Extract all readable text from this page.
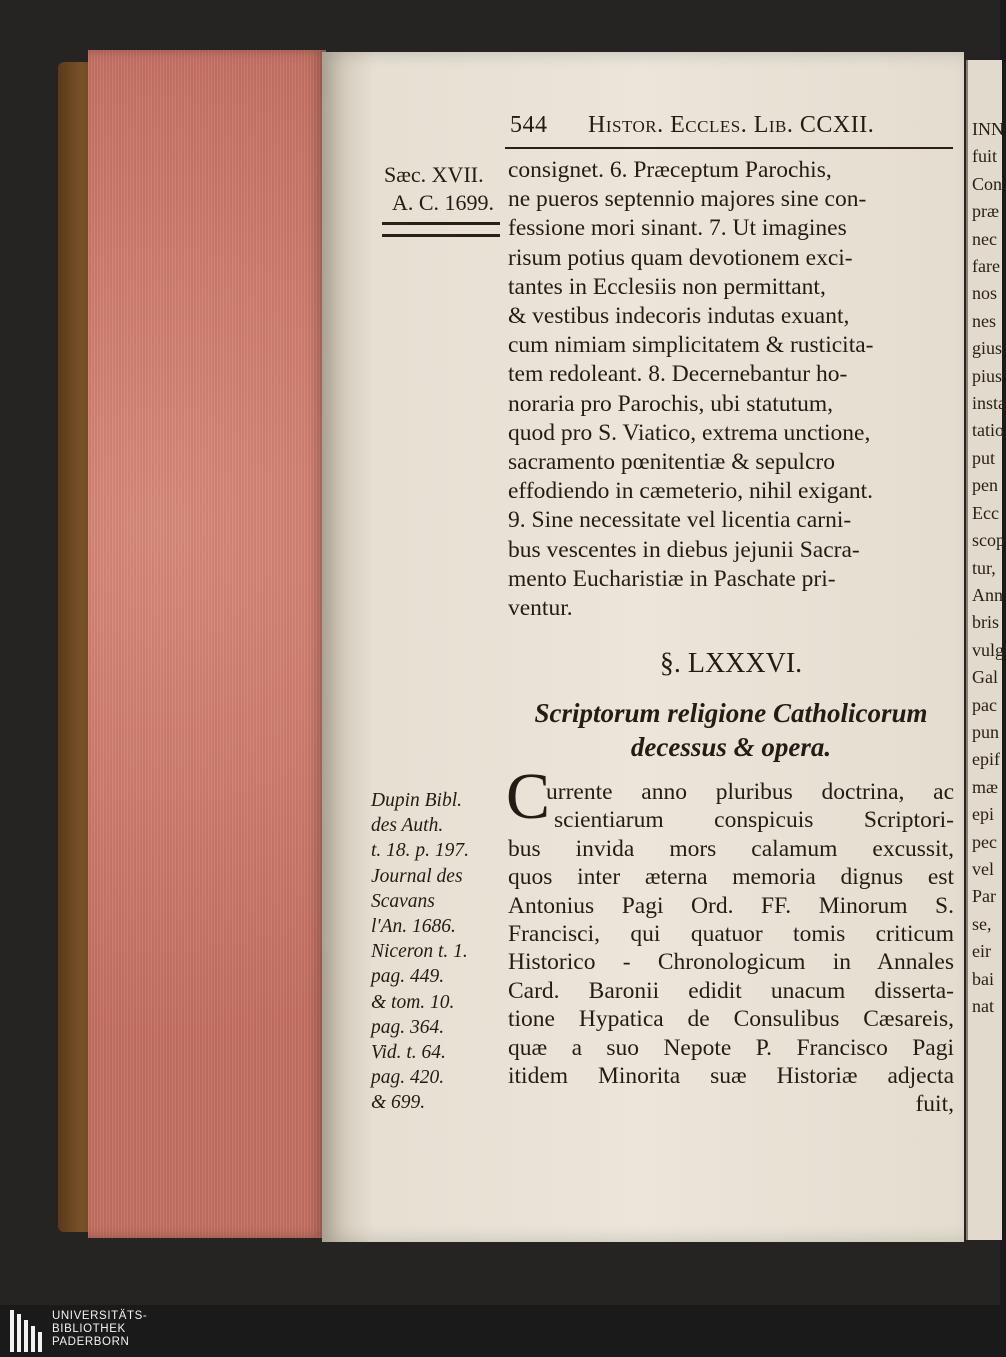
544 Histor. Eccles. Lib. CCXII.
Sæc. XVII.
A. C. 1699.
consignet. 6. Præceptum Parochis,
ne pueros septennio majores sine con-
fessione mori sinant. 7. Ut imagines
risum potius quam devotionem exci-
tantes in Ecclesiis non permittant,
& vestibus indecoris indutas exuant,
cum nimiam simplicitatem & rusticita-
tem redoleant. 8. Decernebantur ho-
noraria pro Parochis, ubi statutum,
quod pro S. Viatico, extrema unctione,
sacramento pœnitentiæ & sepulcro
effodiendo in cæmeterio, nihil exigant.
9. Sine necessitate vel licentia carni-
bus vescentes in diebus jejunii Sacra-
mento Eucharistiæ in Paschate pri-
ventur.
§. LXXXVI.
Scriptorum religione Catholicorum
decessus & opera.
Dupin Bibl.
des Auth.
t. 18. p. 197.
Journal des
Scavans
l'An. 1686.
Niceron t. 1.
pag. 449.
& tom. 10.
pag. 364.
Vid. t. 64.
pag. 420.
& 699.
C
urrente anno pluribus doctrina, ac
scientiarum conspicuis Scriptori-
bus invida mors calamum excussit,
quos inter æterna memoria dignus est
Antonius Pagi Ord. FF. Minorum S.
Francisci, qui quatuor tomis criticum
Historico - Chronologicum in Annales
Card. Baronii edidit unacum disserta-
tione Hypatica de Consulibus Cæsareis,
quæ a suo Nepote P. Francisco Pagi
itidem Minorita suæ Historiæ adjecta
fuit,
INN
fuit
Con
præ
nec
fare
nos
nes
gius
pius
insta
tatio
put
pen
Ecc
scop
tur,
Ann
bris
vulg
Gal
pac
pun
epif
mæ
epi
pec
vel
Par
se,
eir
bai
nat
UNIVERSITÄTS-
BIBLIOTHEK
PADERBORN
